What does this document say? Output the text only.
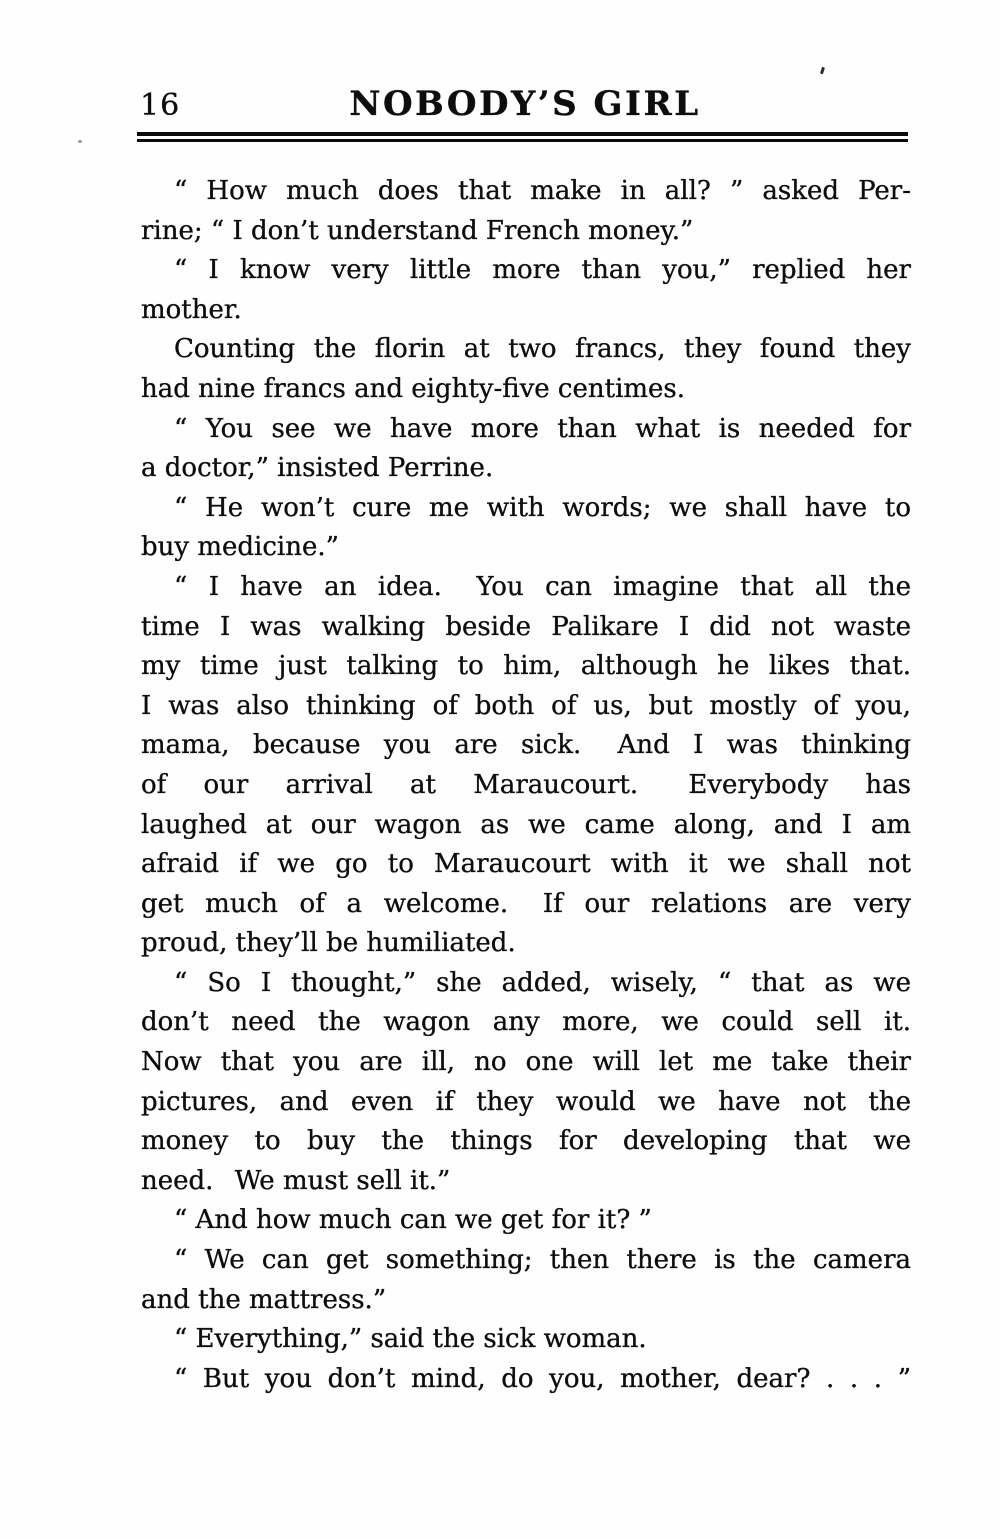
16	NOBODY’S GIRL
“ How much does that make in all? ” asked Per-
rine; “ I don’t understand French money.”
“ I know very little more than you,” replied her
mother.
Counting the florin at two francs, they found they
had nine francs and eighty-five centimes.
“ You see we have more than what is needed for
a doctor,” insisted Perrine.
“ He won’t cure me with words; we shall have to
buy medicine.”
“ I have an idea.  You can imagine that all the
time I was walking beside Palikare I did not waste
my time just talking to him, although he likes that.
I was also thinking of both of us, but mostly of you,
mama, because you are sick.  And I was thinking
of our arrival at Maraucourt.  Everybody has
laughed at our wagon as we came along, and I am
afraid if we go to Maraucourt with it we shall not
get much of a welcome.  If our relations are very
proud, they’ll be humiliated.
“ So I thought,” she added, wisely, “ that as we
don’t need the wagon any more, we could sell it.
Now that you are ill, no one will let me take their
pictures, and even if they would we have not the
money to buy the things for developing that we
need.  We must sell it.”
“ And how much can we get for it? ”
“ We can get something; then there is the camera
and the mattress.”
“ Everything,” said the sick woman.
“ But you don’t mind, do you, mother, dear? . . . ”
